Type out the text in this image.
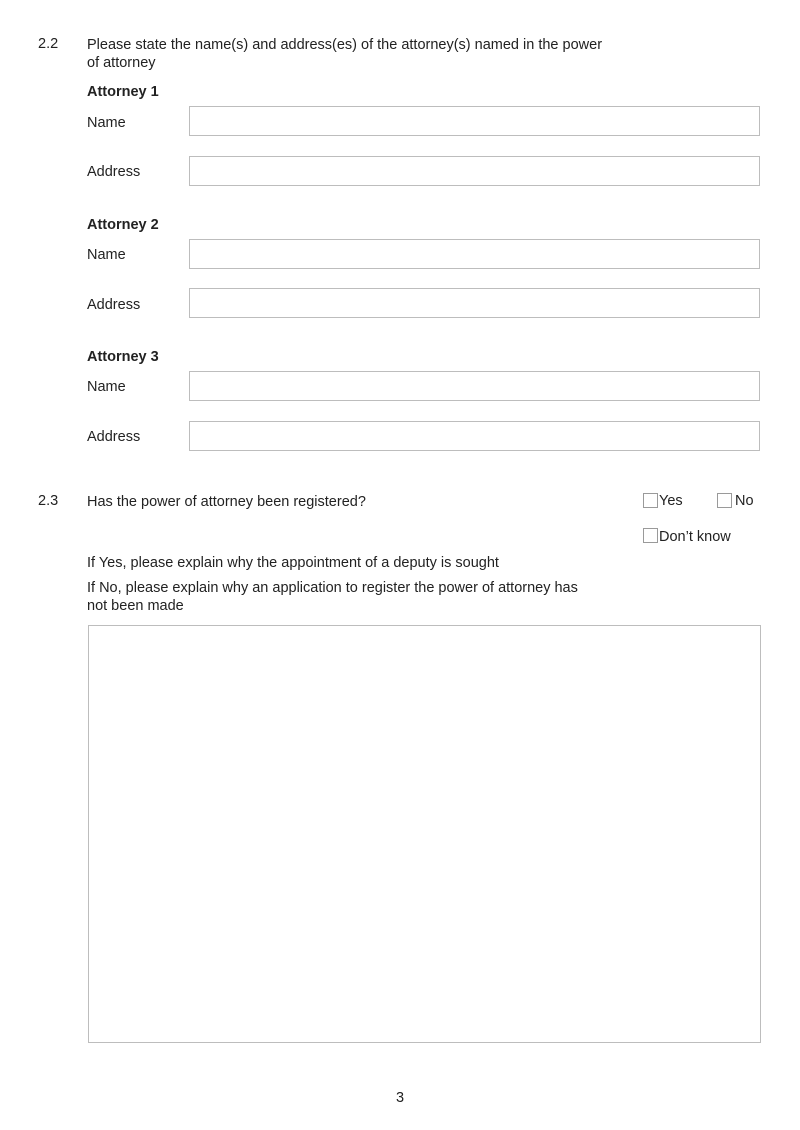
2.2 Please state the name(s) and address(es) of the attorney(s) named in the power of attorney
Attorney 1
Name
Address
Attorney 2
Name
Address
Attorney 3
Name
Address
2.3 Has the power of attorney been registered?	Yes	No
Don’t know
If Yes, please explain why the appointment of a deputy is sought
If No, please explain why an application to register the power of attorney has not been made
3
